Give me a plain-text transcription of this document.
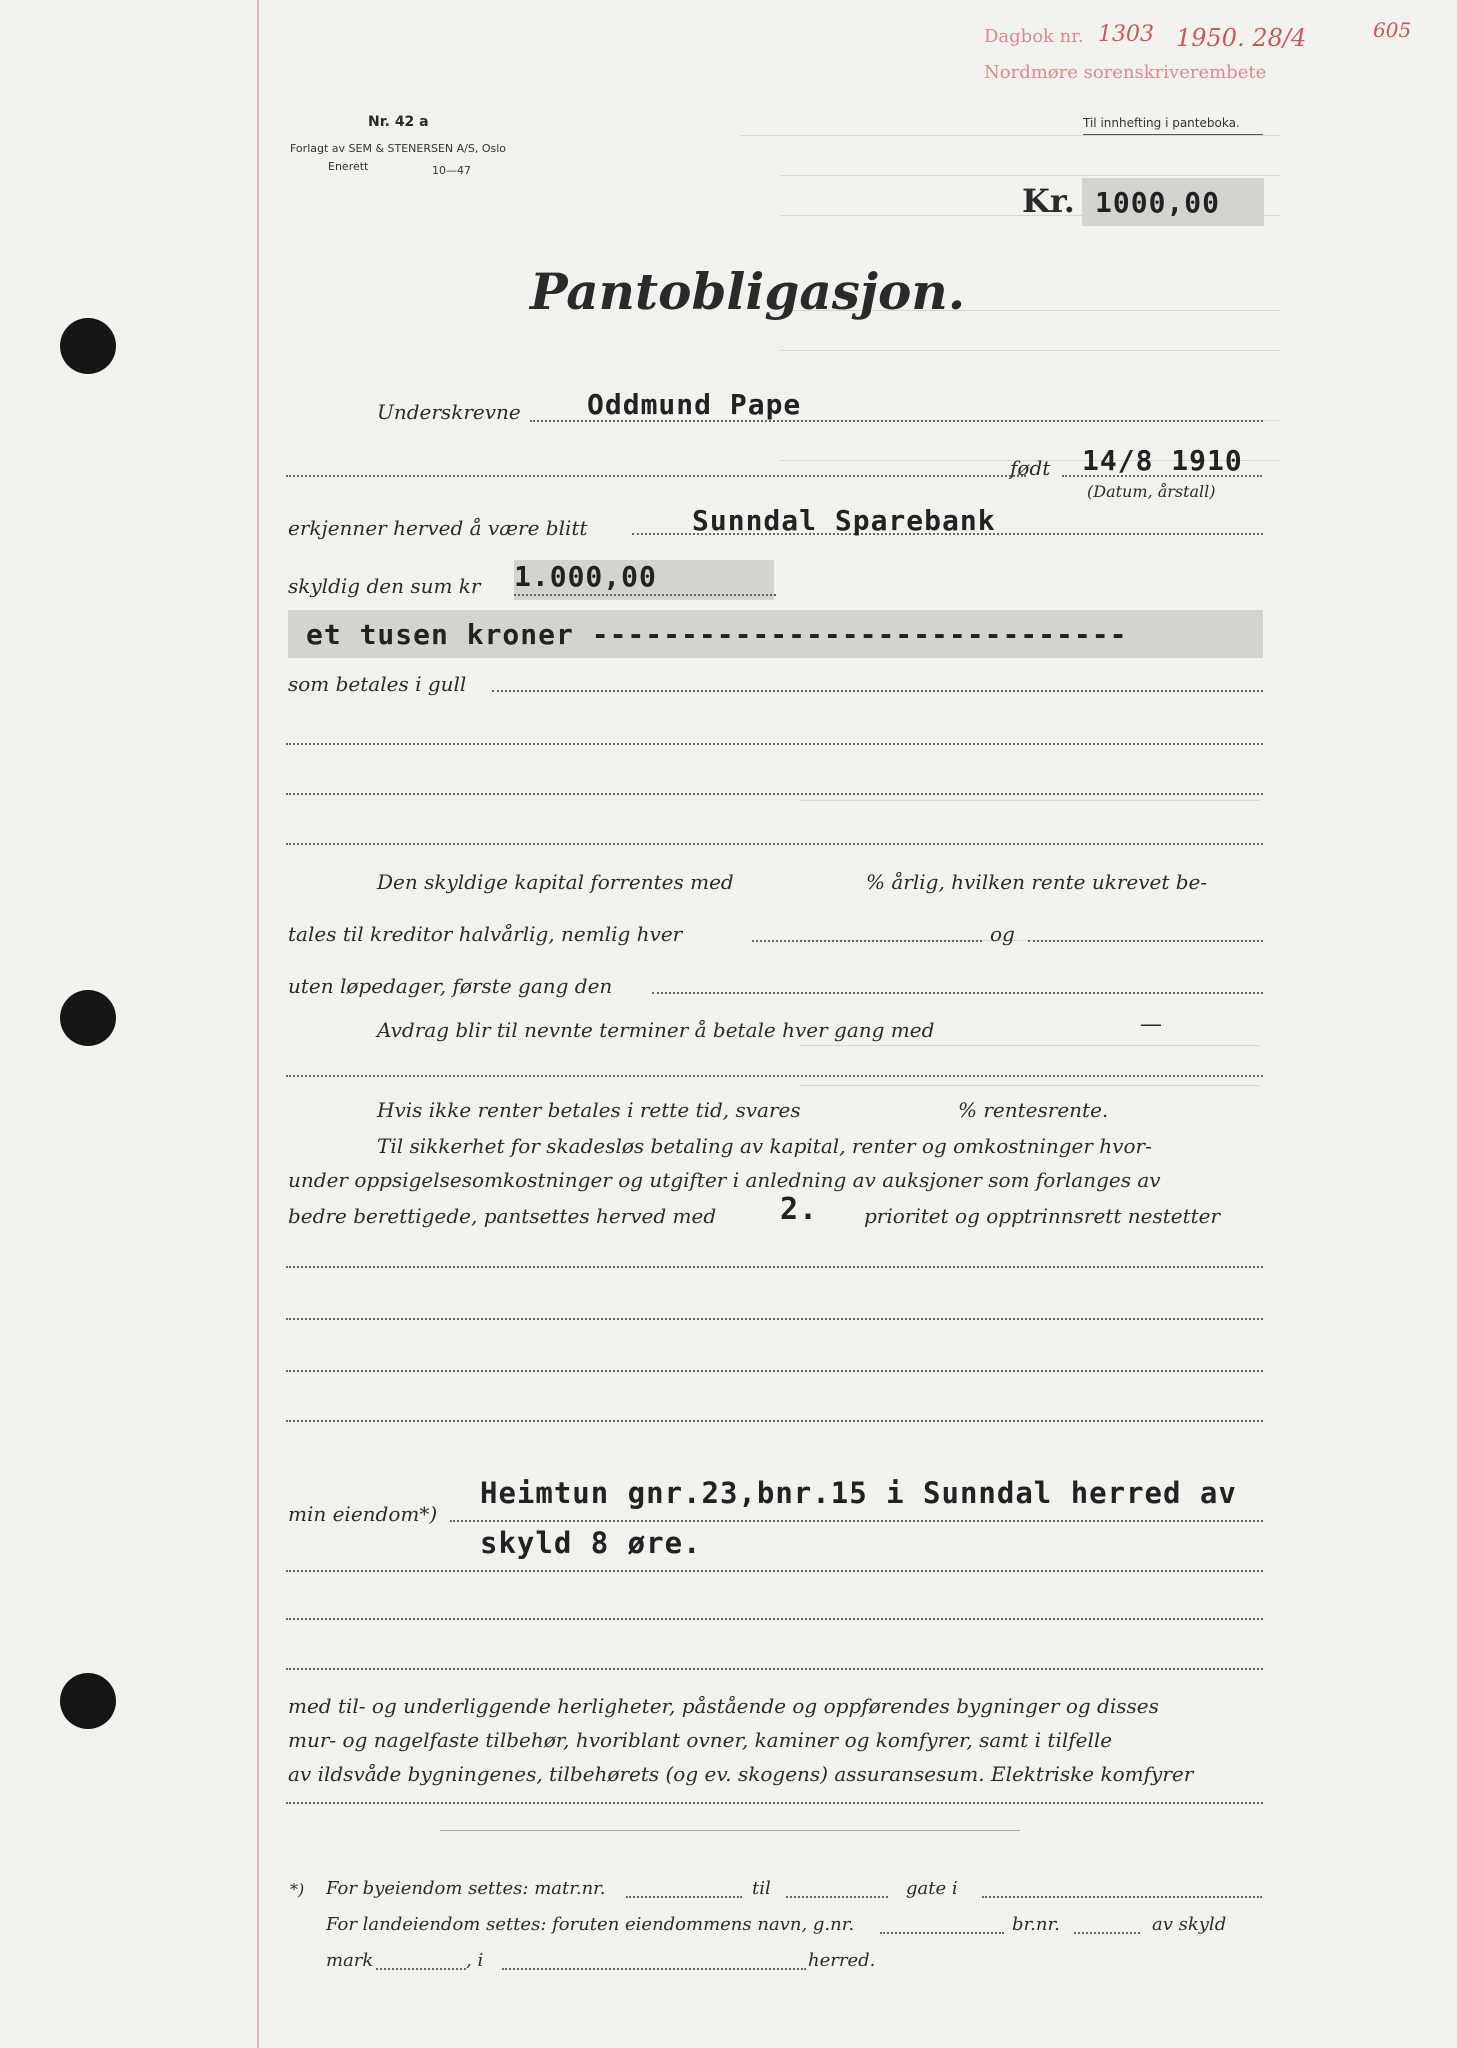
Dagbok nr.
Nordmøre sorenskriverembete
1303 1950. 28/4	605
Nr. 42 a
Forlagt av SEM & STENERSEN A/S, Oslo
Enerett	10—47
Til innhefting i panteboka.
Kr. 1000,00
Pantobligasjon.
Underskrevne Oddmund Pape
født 14/8 1910
(Datum, årstall)
erkjenner herved å være blitt	Sunndal Sparebank
skyldig den sum kr 1.000,00
et tusen kroner ------------------------------
som betales i gull
Den skyldige kapital forrentes med	% årlig, hvilken rente ukrevet be-
tales til kreditor halvårlig, nemlig hver	og
uten løpedager, første gang den
Avdrag blir til nevnte terminer å betale hver gang med	—
Hvis ikke renter betales i rette tid, svares	% rentesrente.
Til sikkerhet for skadesløs betaling av kapital, renter og omkostninger hvor-
under oppsigelsesomkostninger og utgifter i anledning av auksjoner som forlanges av
bedre berettigede, pantsettes herved med 2. prioritet og opptrinnsrett nestetter
Heimtun gnr.23,bnr.15 i Sunndal herred av
min eiendom*)
skyld 8 øre.
med til- og underliggende herligheter, påstående og oppførendes bygninger og disses
mur- og nagelfaste tilbehør, hvoriblant ovner, kaminer og komfyrer, samt i tilfelle
av ildsvåde bygningenes, tilbehørets (og ev. skogens) assuransesum. Elektriske komfyrer
*) For byeiendom settes: matr.nr.	til	gate i
For landeiendom settes: foruten eiendommens navn, g.nr.	br.nr.	av skyld
mark	, i	herred.
